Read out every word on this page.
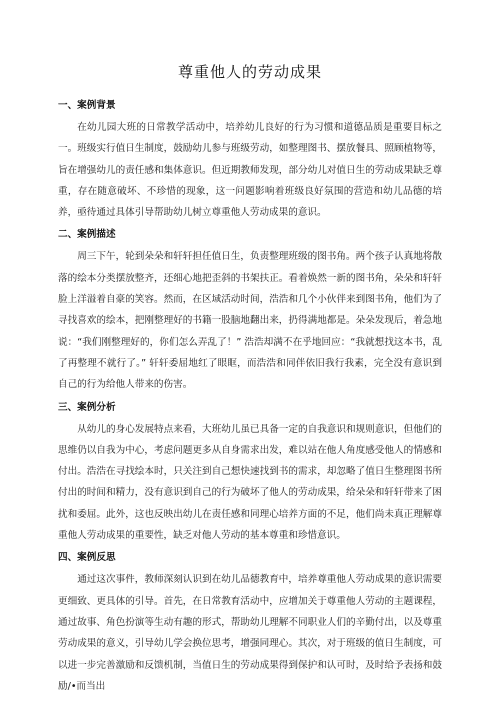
尊重他人的劳动成果
一、案例背景

在幼儿园大班的日常教学活动中，培养幼儿良好的行为习惯和道德品质是重要目标之一。班级实行值日生制度，鼓励幼儿参与班级劳动，如整理图书、摆放餐具、照顾植物等，旨在增强幼儿的责任感和集体意识。但近期教师发现，部分幼儿对值日生的劳动成果缺乏尊重，存在随意破坏、不珍惜的现象，这一问题影响着班级良好氛围的营造和幼儿品德的培养，亟待通过具体引导帮助幼儿树立尊重他人劳动成果的意识。

二、案例描述

周三下午，轮到朵朵和轩轩担任值日生，负责整理班级的图书角。两个孩子认真地将散落的绘本分类摆放整齐，还细心地把歪斜的书架扶正。看着焕然一新的图书角，朵朵和轩轩脸上洋溢着自豪的笑容。然而，在区域活动时间，浩浩和几个小伙伴来到图书角，他们为了寻找喜欢的绘本，把刚整理好的书籍一股脑地翻出来，扔得满地都是。朵朵发现后，着急地说：“我们刚整理好的，你们怎么弄乱了！” 浩浩却满不在乎地回应：“我就想找这本书，乱了再整理不就行了。” 轩轩委屈地红了眼眶，而浩浩和同伴依旧我行我素，完全没有意识到自己的行为给他人带来的伤害。

三、案例分析

从幼儿的身心发展特点来看，大班幼儿虽已具备一定的自我意识和规则意识，但他们的思维仍以自我为中心，考虑问题更多从自身需求出发，难以站在他人角度感受他人的情感和付出。浩浩在寻找绘本时，只关注到自己想快速找到书的需求，却忽略了值日生整理图书所付出的时间和精力，没有意识到自己的行为破坏了他人的劳动成果，给朵朵和轩轩带来了困扰和委屈。此外，这也反映出幼儿在责任感和同理心培养方面的不足，他们尚未真正理解尊重他人劳动成果的重要性，缺乏对他人劳动的基本尊重和珍惜意识。

四、案例反思

通过这次事件，教师深刻认识到在幼儿品德教育中，培养尊重他人劳动成果的意识需要更细致、更具体的引导。首先，在日常教育活动中，应增加关于尊重他人劳动的主题课程，通过故事、角色扮演等生动有趣的形式，帮助幼儿理解不同职业人们的辛勤付出，以及尊重劳动成果的意义，引导幼儿学会换位思考，增强同理心。其次，对于班级的值日生制度，可以进一步完善激励和反馈机制，当值日生的劳动成果得到保护和认可时，及时给予表扬和鼓励/•而当出
